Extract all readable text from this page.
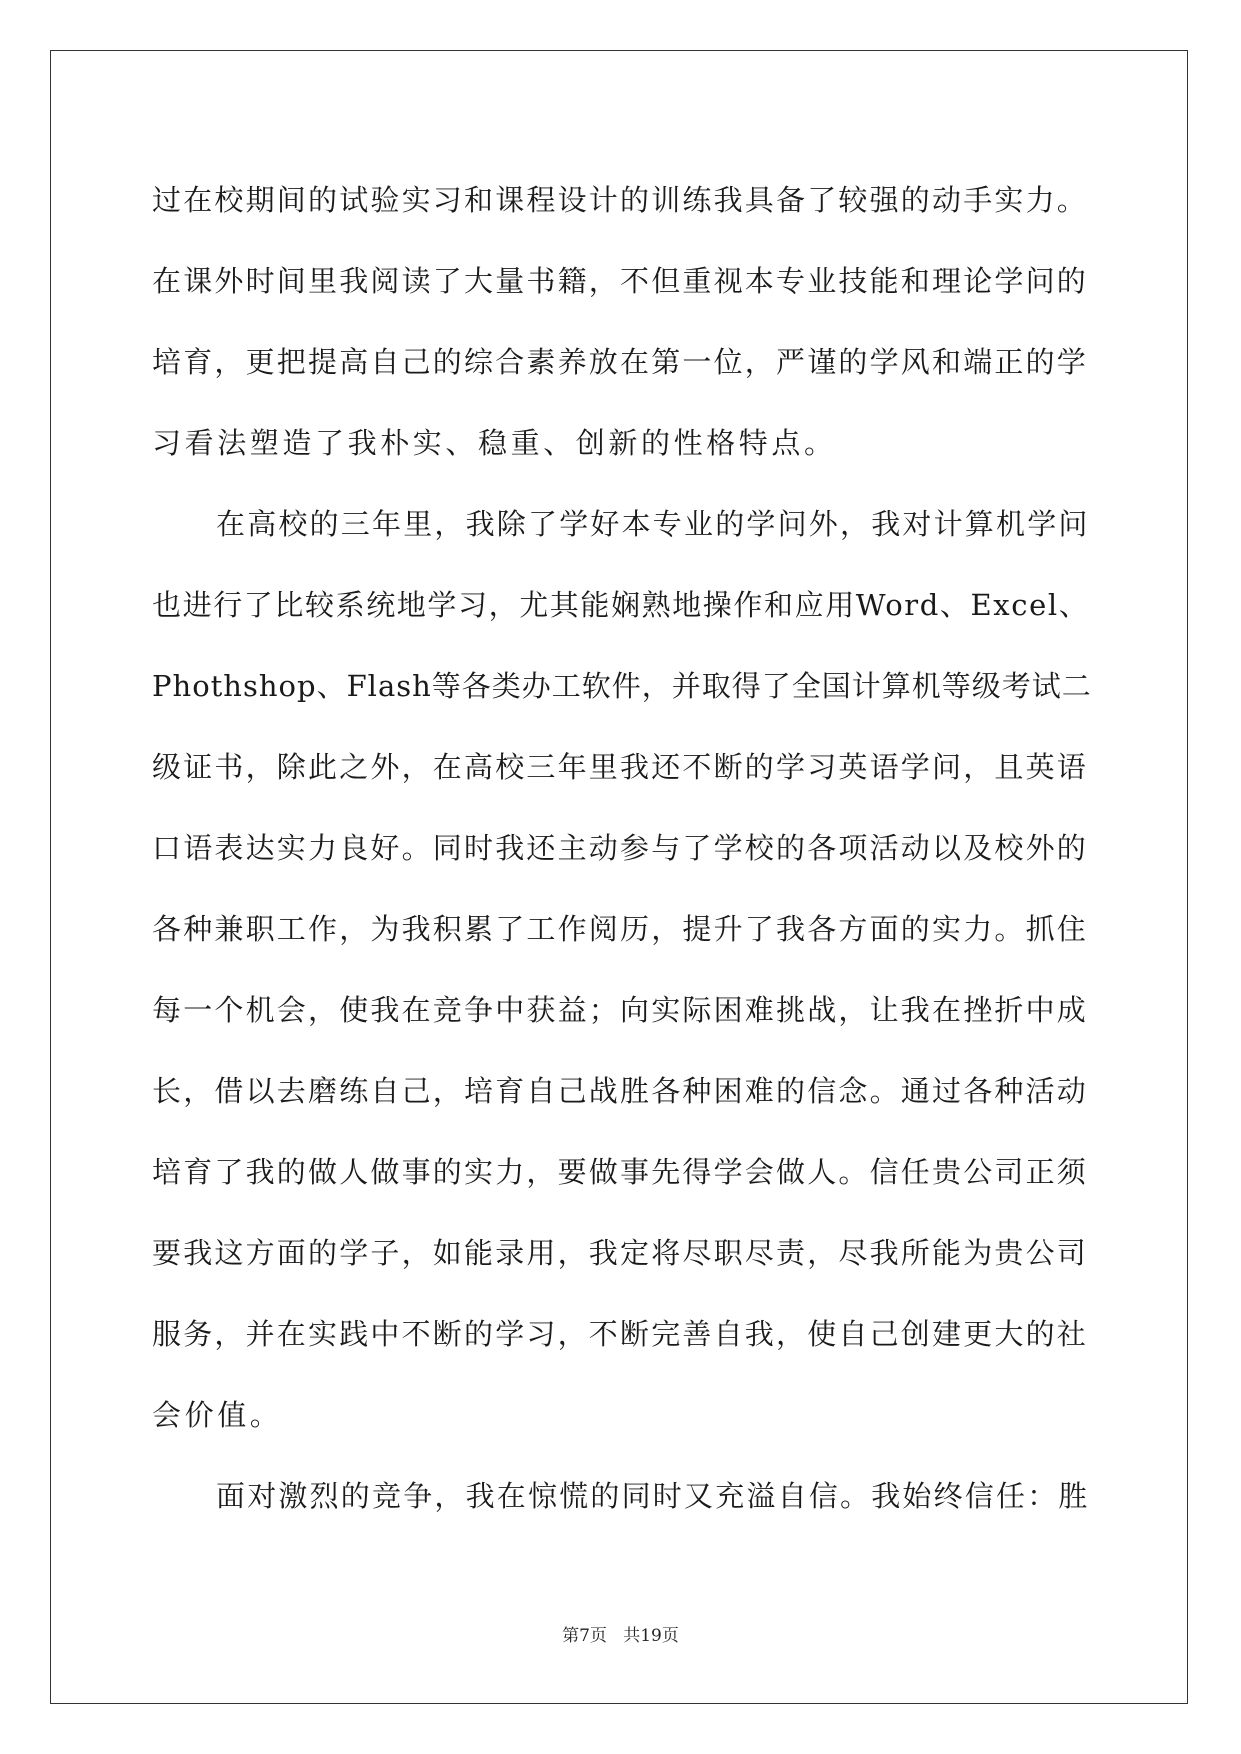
过在校期间的试验实习和课程设计的训练我具备了较强的动手实力。
在课外时间里我阅读了大量书籍，不但重视本专业技能和理论学问的
培育，更把提高自己的综合素养放在第一位，严谨的学风和端正的学
习看法塑造了我朴实、稳重、创新的性格特点。
在高校的三年里，我除了学好本专业的学问外，我对计算机学问
也进行了比较系统地学习，尤其能娴熟地操作和应用Word、Excel、
Phothshop、Flash等各类办工软件，并取得了全国计算机等级考试二
级证书，除此之外，在高校三年里我还不断的学习英语学问，且英语
口语表达实力良好。同时我还主动参与了学校的各项活动以及校外的
各种兼职工作，为我积累了工作阅历，提升了我各方面的实力。抓住
每一个机会，使我在竞争中获益；向实际困难挑战，让我在挫折中成
长，借以去磨练自己，培育自己战胜各种困难的信念。通过各种活动
培育了我的做人做事的实力，要做事先得学会做人。信任贵公司正须
要我这方面的学子，如能录用，我定将尽职尽责，尽我所能为贵公司
服务，并在实践中不断的学习，不断完善自我，使自己创建更大的社
会价值。
面对激烈的竞争，我在惊慌的同时又充溢自信。我始终信任：胜
第7页 共19页
